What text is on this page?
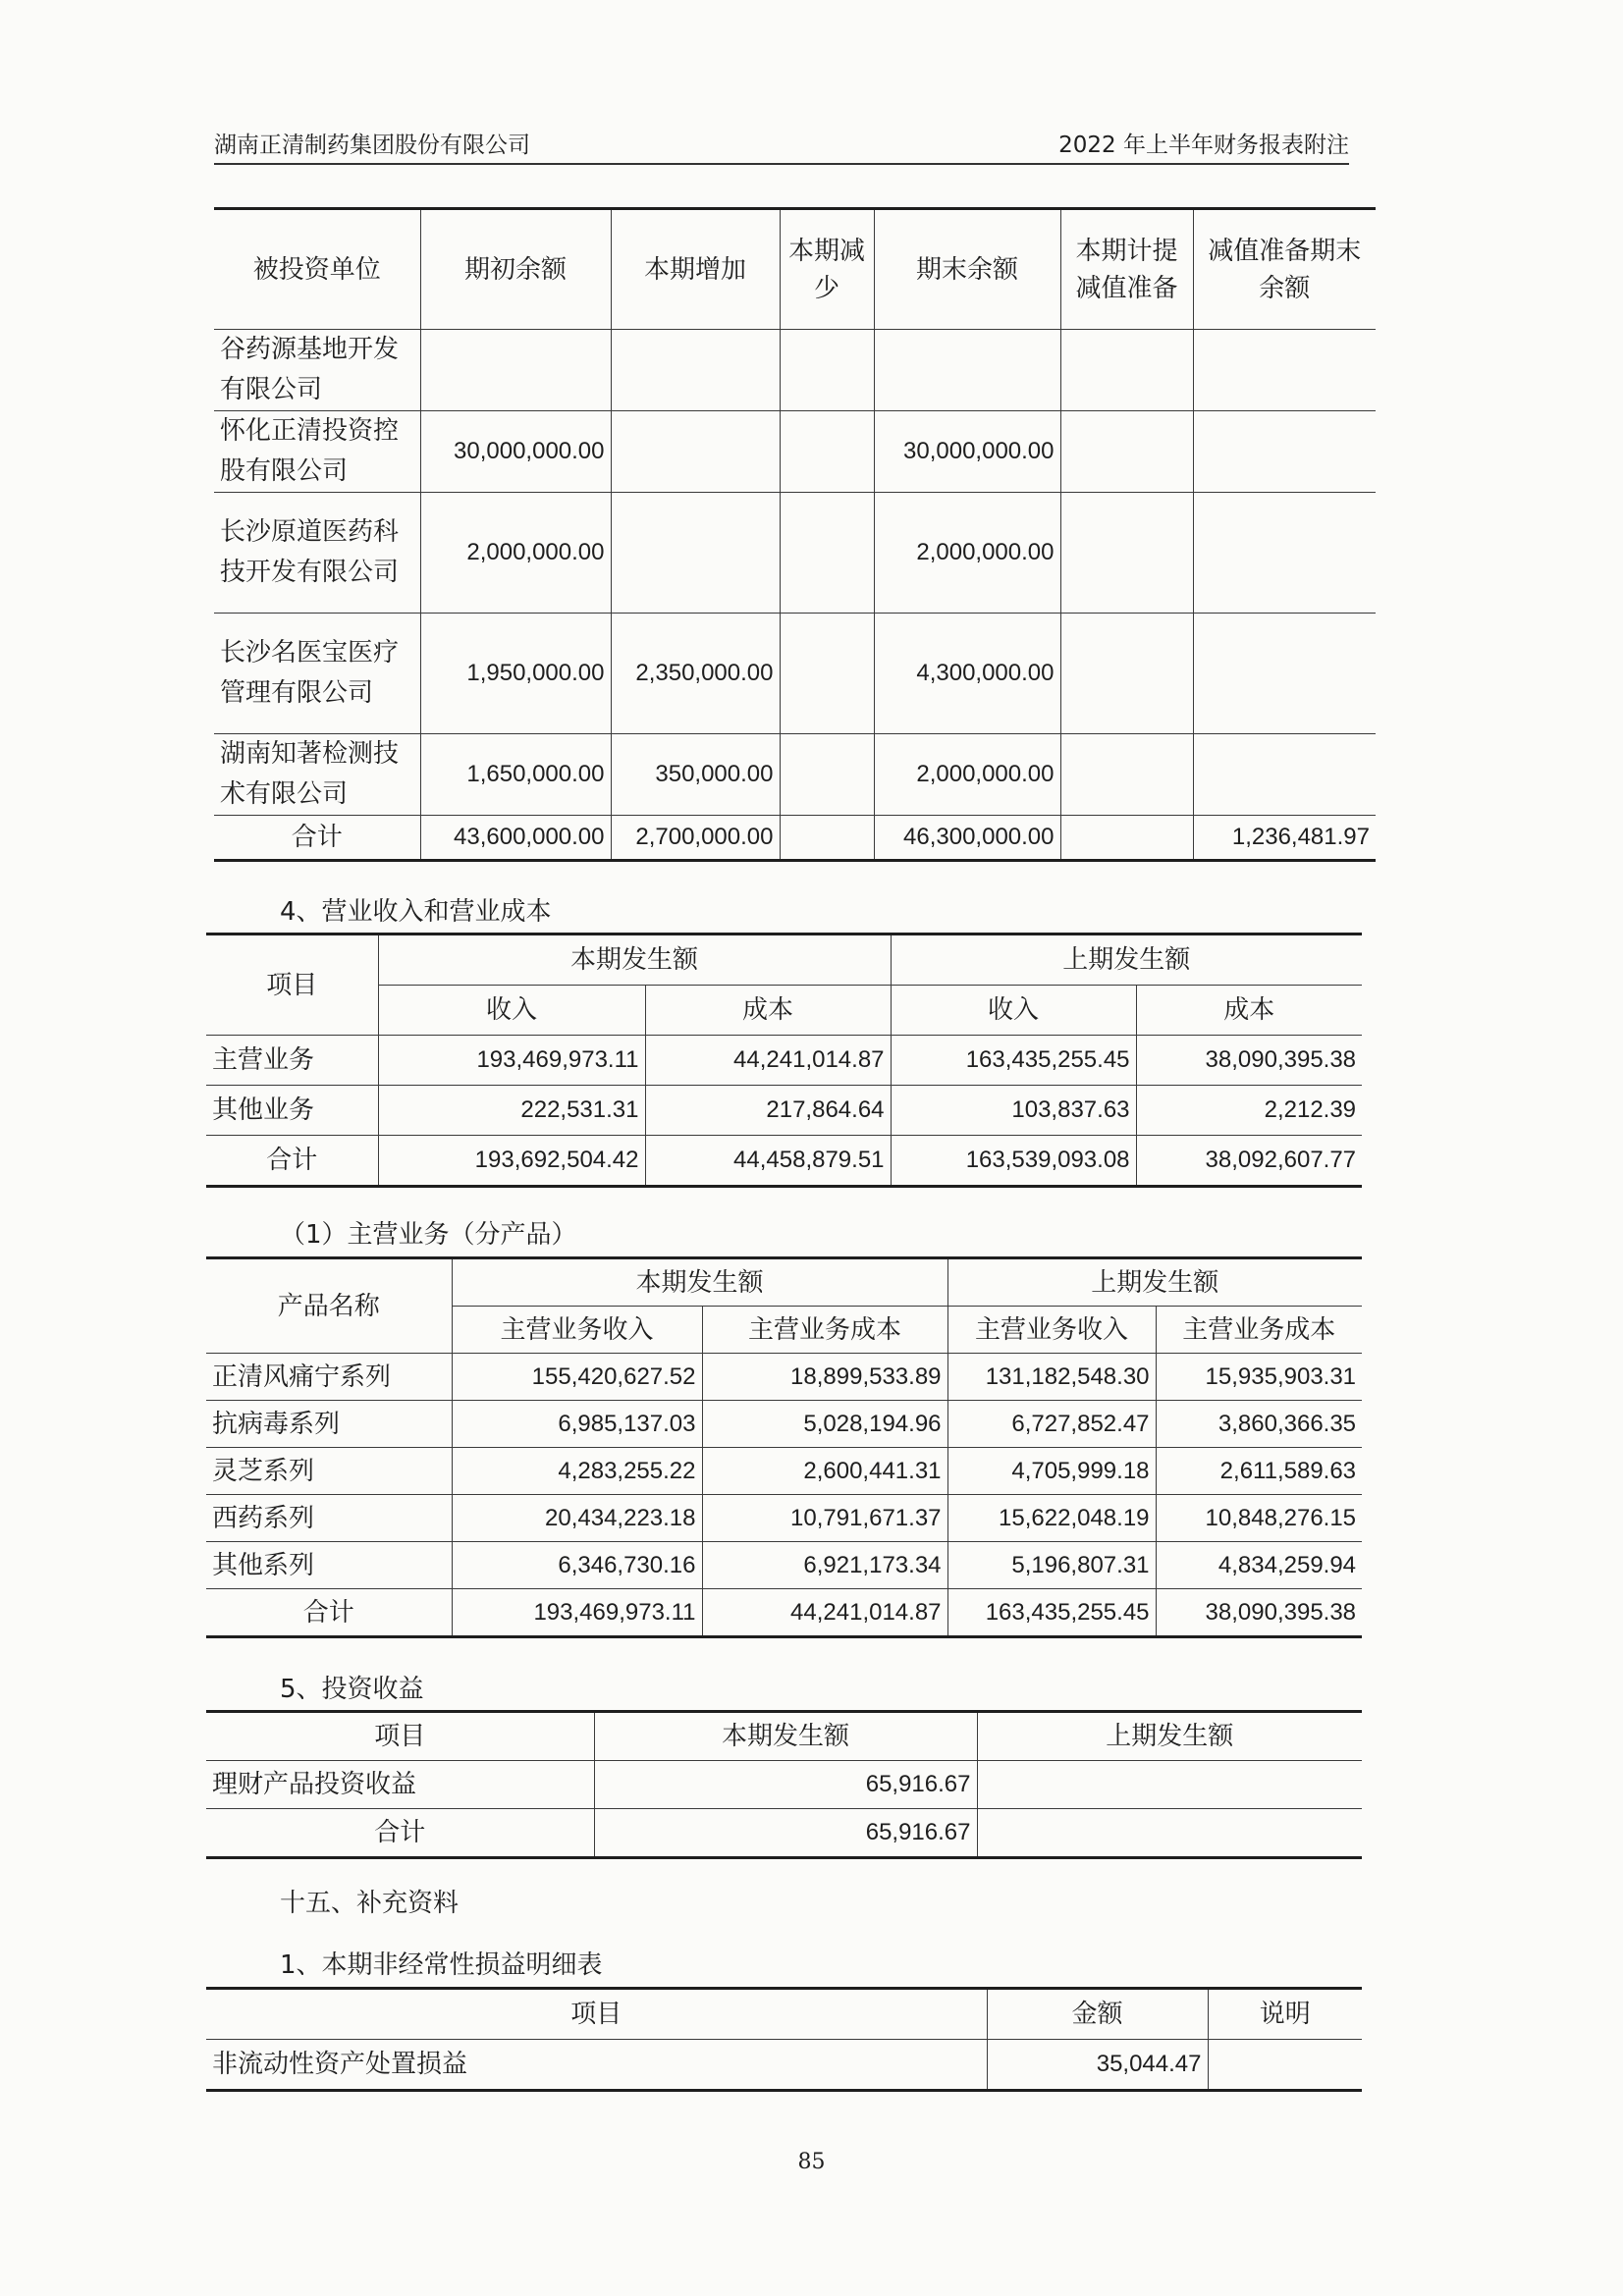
湖南正清制药集团股份有限公司	2022 年上半年财务报表附注
被投资单位	期初余额	本期增加	本期减少	期末余额	本期计提减值准备	减值准备期末余额
谷药源基地开发有限公司						
怀化正清投资控股有限公司	30,000,000.00			30,000,000.00		
长沙原道医药科技开发有限公司	2,000,000.00			2,000,000.00		
长沙名医宝医疗管理有限公司	1,950,000.00	2,350,000.00		4,300,000.00		
湖南知著检测技术有限公司	1,650,000.00	350,000.00		2,000,000.00		
合计	43,600,000.00	2,700,000.00		46,300,000.00		1,236,481.97
4、营业收入和营业成本
项目	本期发生额		上期发生额	
	收入	成本	收入	成本
主营业务	193,469,973.11	44,241,014.87	163,435,255.45	38,090,395.38
其他业务	222,531.31	217,864.64	103,837.63	2,212.39
合计	193,692,504.42	44,458,879.51	163,539,093.08	38,092,607.77
（1）主营业务（分产品）
产品名称	本期发生额		上期发生额	
	主营业务收入	主营业务成本	主营业务收入	主营业务成本
正清风痛宁系列	155,420,627.52	18,899,533.89	131,182,548.30	15,935,903.31
抗病毒系列	6,985,137.03	5,028,194.96	6,727,852.47	3,860,366.35
灵芝系列	4,283,255.22	2,600,441.31	4,705,999.18	2,611,589.63
西药系列	20,434,223.18	10,791,671.37	15,622,048.19	10,848,276.15
其他系列	6,346,730.16	6,921,173.34	5,196,807.31	4,834,259.94
合计	193,469,973.11	44,241,014.87	163,435,255.45	38,090,395.38
5、投资收益
项目	本期发生额	上期发生额
理财产品投资收益	65,916.67	
合计	65,916.67	
十五、补充资料
1、本期非经常性损益明细表
项目	金额	说明
非流动性资产处置损益	35,044.47	
85
